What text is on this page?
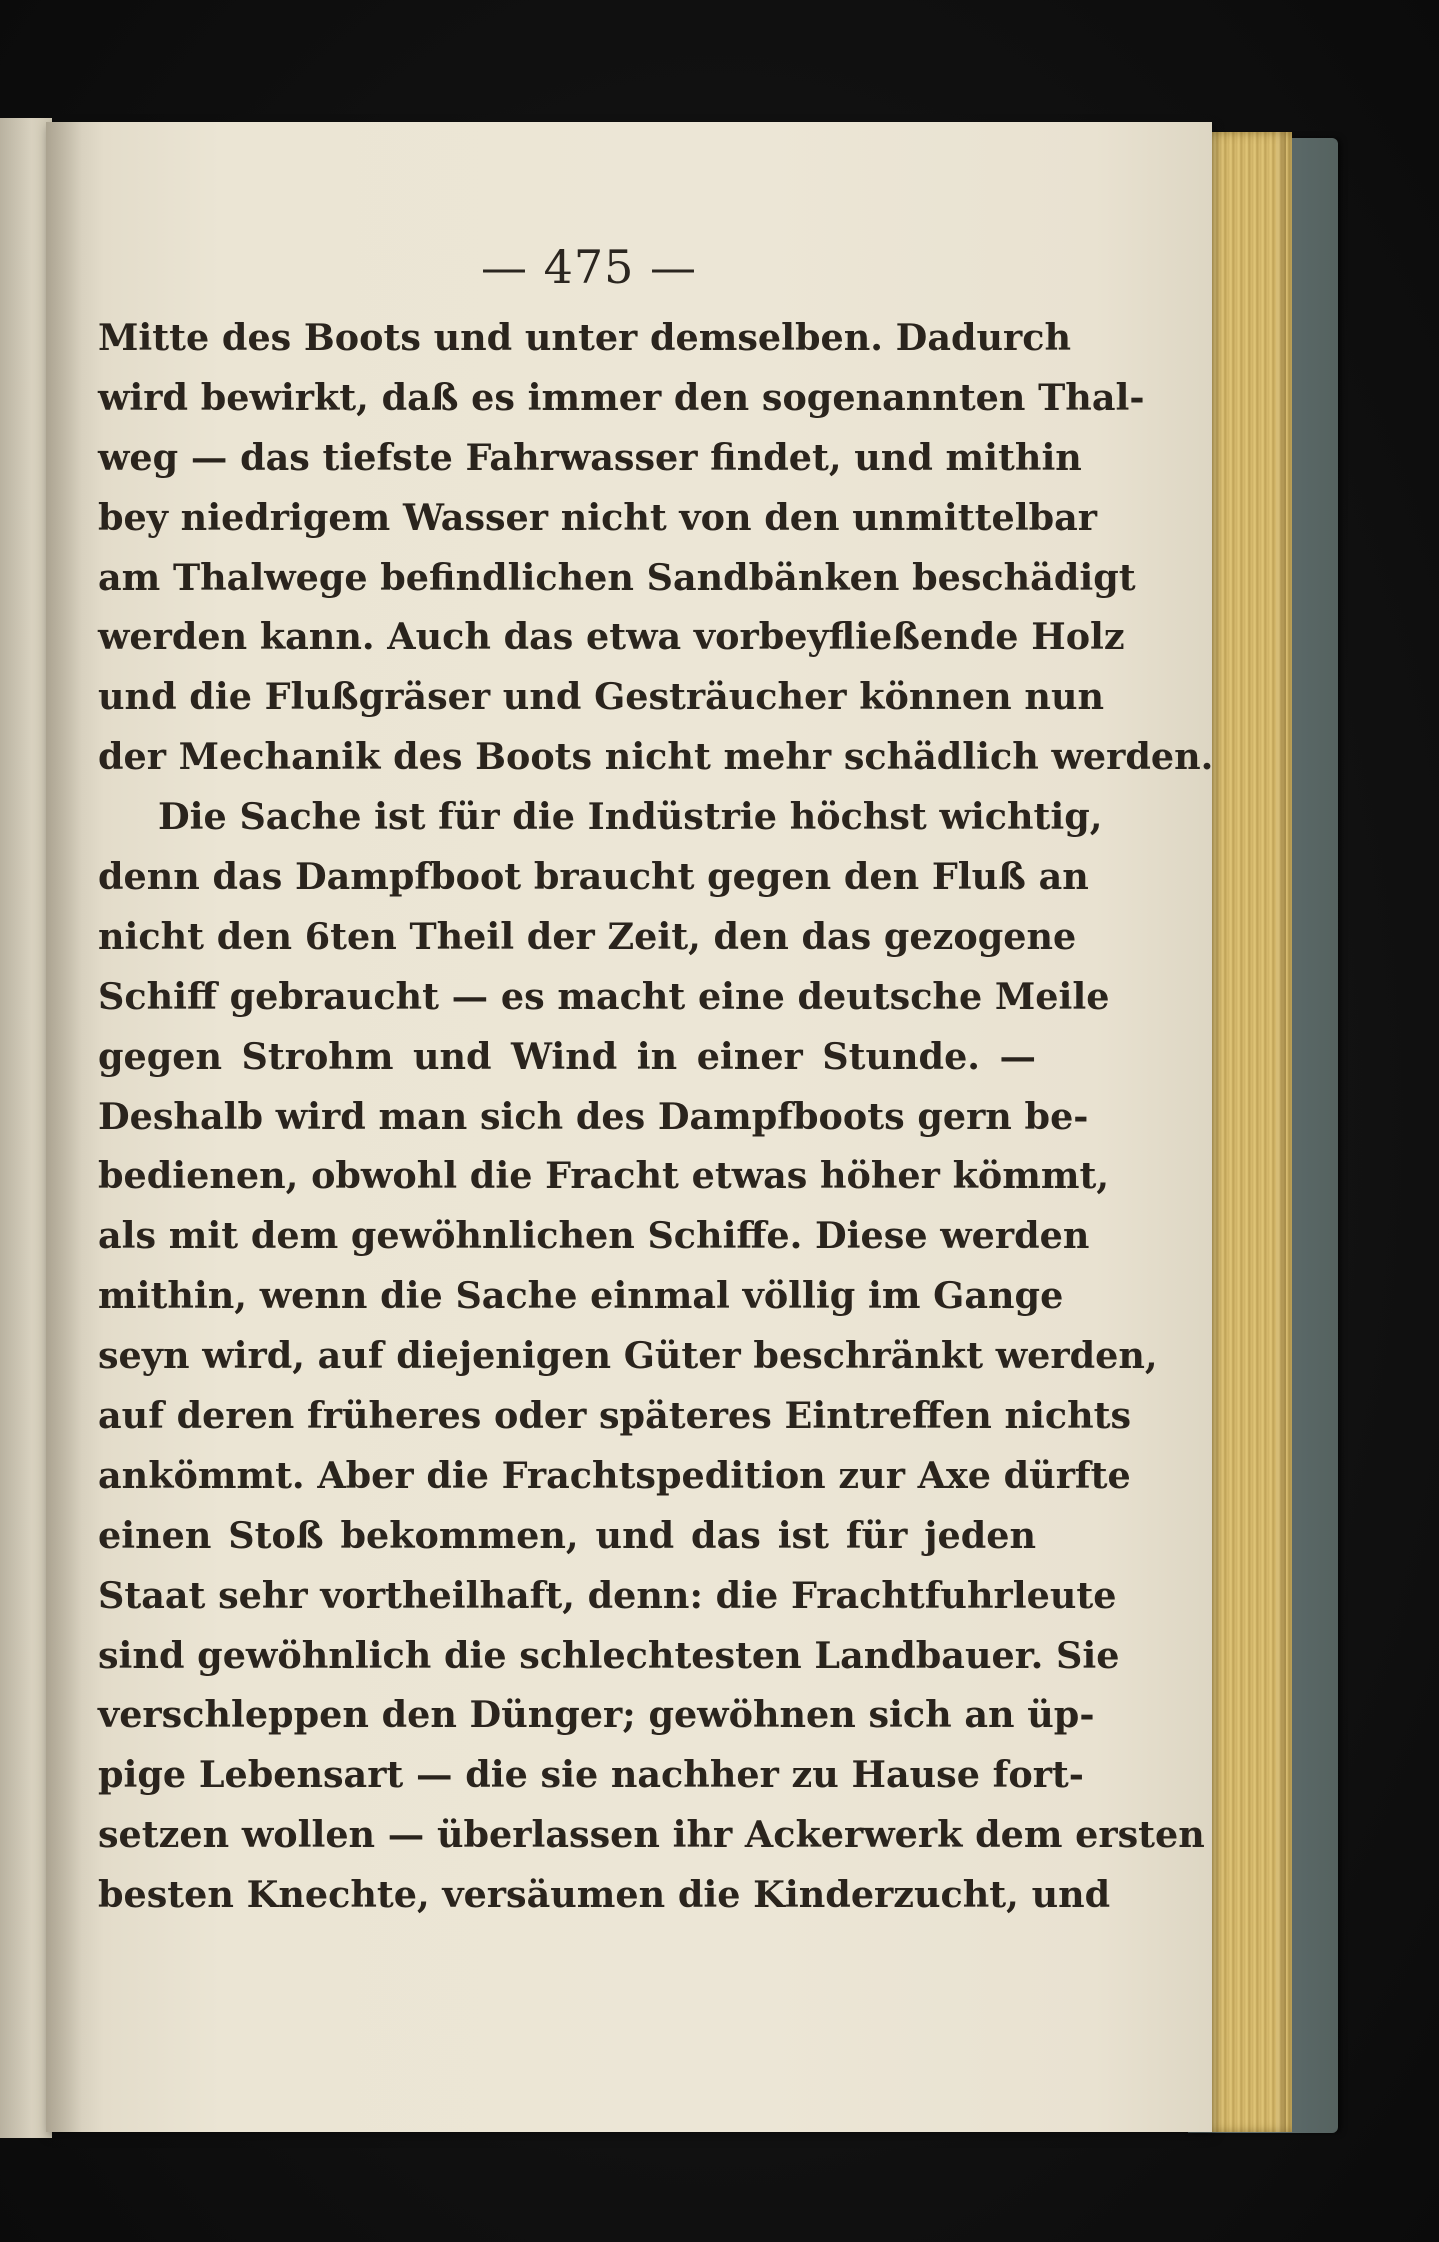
— 475 —
Mitte des Boots und unter demselben. Dadurch
wird bewirkt, daß es immer den sogenannten Thal-
weg — das tiefste Fahrwasser findet, und mithin
bey niedrigem Wasser nicht von den unmittelbar
am Thalwege befindlichen Sandbänken beschädigt
werden kann. Auch das etwa vorbeyfließende Holz
und die Flußgräser und Gesträucher können nun
der Mechanik des Boots nicht mehr schädlich werden.
Die Sache ist für die Indüstrie höchst wichtig,
denn das Dampfboot braucht gegen den Fluß an
nicht den 6ten Theil der Zeit, den das gezogene
Schiff gebraucht — es macht eine deutsche Meile
gegen Strohm und Wind in einer Stunde. —
Deshalb wird man sich des Dampfboots gern be-
bedienen, obwohl die Fracht etwas höher kömmt,
als mit dem gewöhnlichen Schiffe. Diese werden
mithin, wenn die Sache einmal völlig im Gange
seyn wird, auf diejenigen Güter beschränkt werden,
auf deren früheres oder späteres Eintreffen nichts
ankömmt. Aber die Frachtspedition zur Axe dürfte
einen Stoß bekommen, und das ist für jeden
Staat sehr vortheilhaft, denn: die Frachtfuhrleute
sind gewöhnlich die schlechtesten Landbauer. Sie
verschleppen den Dünger; gewöhnen sich an üp-
pige Lebensart — die sie nachher zu Hause fort-
setzen wollen — überlassen ihr Ackerwerk dem ersten
besten Knechte, versäumen die Kinderzucht, und
